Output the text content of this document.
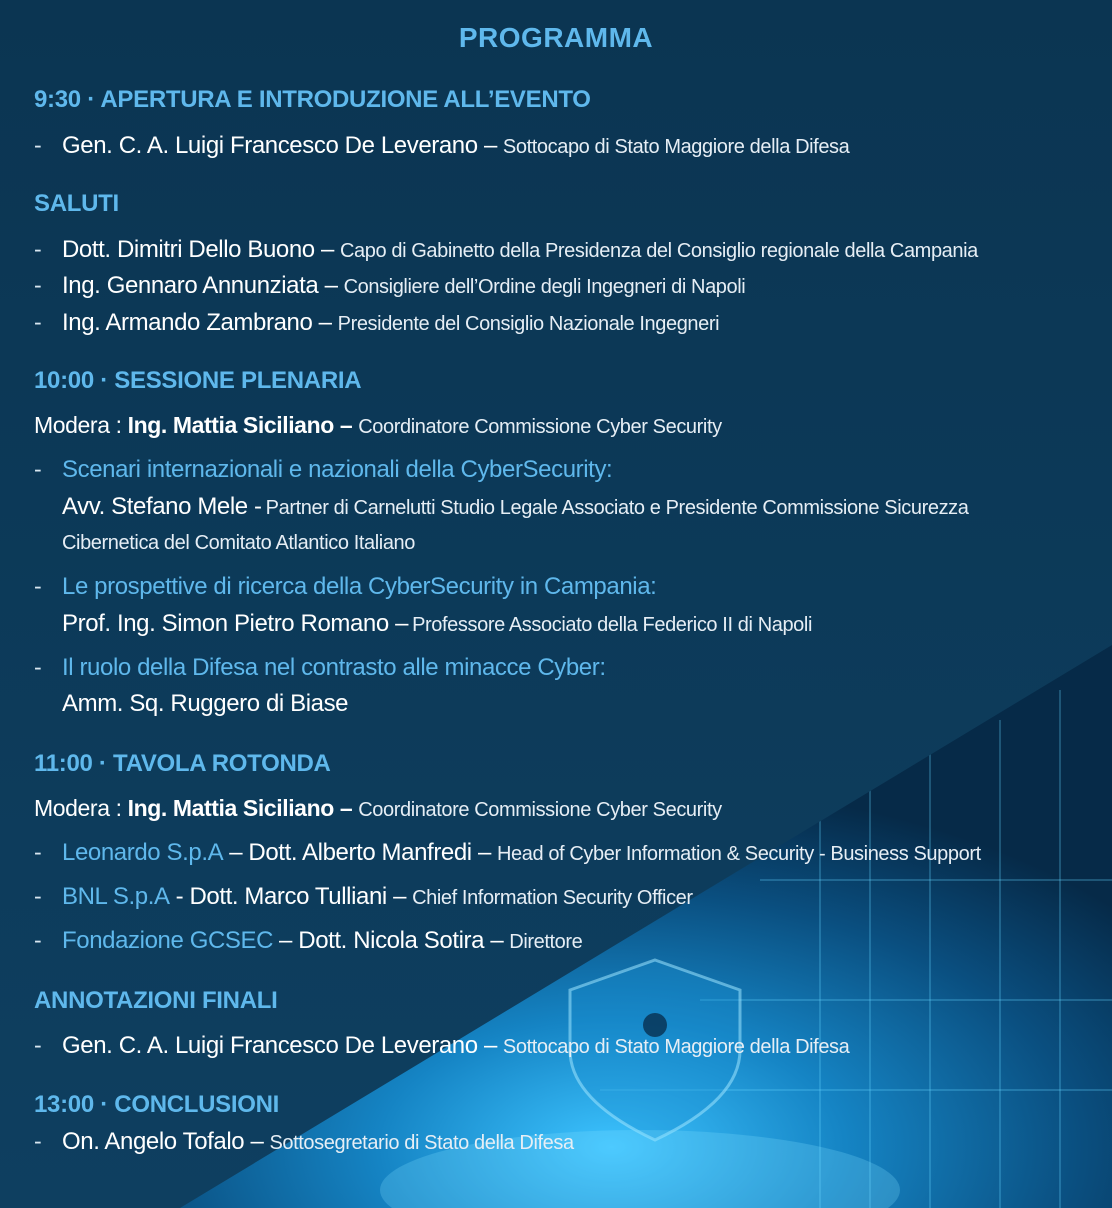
PROGRAMMA
9:30 · APERTURA E INTRODUZIONE ALL’EVENTO
- Gen. C. A. Luigi Francesco De Leverano – Sottocapo di Stato Maggiore della Difesa
SALUTI
- Dott. Dimitri Dello Buono – Capo di Gabinetto della Presidenza del Consiglio regionale della Campania
- Ing. Gennaro Annunziata – Consigliere dell’Ordine degli Ingegneri di Napoli
- Ing. Armando Zambrano – Presidente del Consiglio Nazionale Ingegneri
10:00 · SESSIONE PLENARIA
Modera : Ing. Mattia Siciliano – Coordinatore Commissione Cyber Security
- Scenari internazionali e nazionali della CyberSecurity:
Avv. Stefano Mele - Partner di Carnelutti Studio Legale Associato e Presidente Commissione Sicurezza
Cibernetica del Comitato Atlantico Italiano
- Le prospettive di ricerca della CyberSecurity in Campania:
Prof. Ing. Simon Pietro Romano – Professore Associato della Federico II di Napoli
- Il ruolo della Difesa nel contrasto alle minacce Cyber:
Amm. Sq. Ruggero di Biase
11:00 · TAVOLA ROTONDA
Modera : Ing. Mattia Siciliano – Coordinatore Commissione Cyber Security
- Leonardo S.p.A – Dott. Alberto Manfredi – Head of Cyber Information & Security - Business Support
- BNL S.p.A - Dott. Marco Tulliani – Chief Information Security Officer
- Fondazione GCSEC – Dott. Nicola Sotira – Direttore
ANNOTAZIONI FINALI
- Gen. C. A. Luigi Francesco De Leverano – Sottocapo di Stato Maggiore della Difesa
13:00 · CONCLUSIONI
- On. Angelo Tofalo – Sottosegretario di Stato della Difesa
